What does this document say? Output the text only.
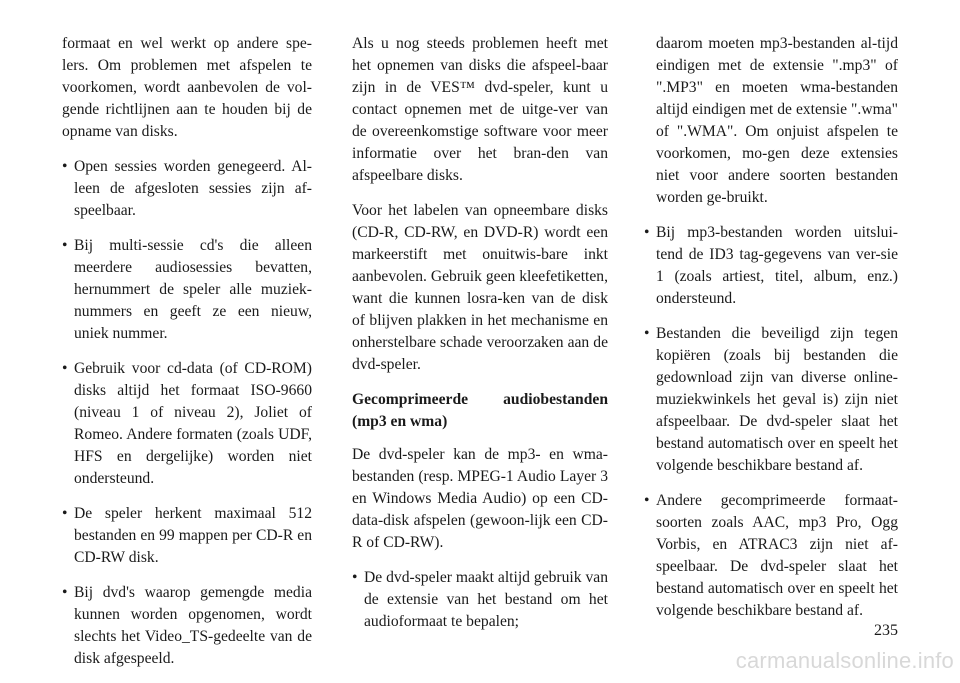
formaat en wel werkt op andere spe-lers. Om problemen met afspelen te voorkomen, wordt aanbevolen de vol-gende richtlijnen aan te houden bij de opname van disks.

• Open sessies worden genegeerd. Al-leen de afgesloten sessies zijn af-speelbaar.
• Bij multi-sessie cd's die alleen meerdere audiosessies bevatten, hernummert de speler alle muziek-nummers en geeft ze een nieuw, uniek nummer.
• Gebruik voor cd-data (of CD-ROM) disks altijd het formaat ISO-9660 (niveau 1 of niveau 2), Joliet of Romeo. Andere formaten (zoals UDF, HFS en dergelijke) worden niet ondersteund.
• De speler herkent maximaal 512 bestanden en 99 mappen per CD-R en CD-RW disk.
• Bij dvd's waarop gemengde media kunnen worden opgenomen, wordt slechts het Video_TS-gedeelte van de disk afgespeeld.

Als u nog steeds problemen heeft met het opnemen van disks die afspeel-baar zijn in de VES™ dvd-speler, kunt u contact opnemen met de uitge-ver van de overeenkomstige software voor meer informatie over het bran-den van afspeelbare disks.

Voor het labelen van opneembare disks (CD-R, CD-RW, en DVD-R) wordt een markeerstift met onuitwis-bare inkt aanbevolen. Gebruik geen kleefetiketten, want die kunnen losra-ken van de disk of blijven plakken in het mechanisme en onherstelbare schade veroorzaken aan de dvd-speler.

Gecomprimeerde audiobestanden (mp3 en wma)

De dvd-speler kan de mp3- en wma-bestanden (resp. MPEG-1 Audio Layer 3 en Windows Media Audio) op een CD-data-disk afspelen (gewoon-lijk een CD-R of CD-RW).

• De dvd-speler maakt altijd gebruik van de extensie van het bestand om het audioformaat te bepalen;
daarom moeten mp3-bestanden al-tijd eindigen met de extensie ".mp3" of ".MP3" en moeten wma-bestanden altijd eindigen met de extensie ".wma" of ".WMA". Om onjuist afspelen te voorkomen, mo-gen deze extensies niet voor andere soorten bestanden worden ge-bruikt.
• Bij mp3-bestanden worden uitslui-tend de ID3 tag-gegevens van ver-sie 1 (zoals artiest, titel, album, enz.) ondersteund.
• Bestanden die beveiligd zijn tegen kopiëren (zoals bij bestanden die gedownload zijn van diverse online-muziekwinkels het geval is) zijn niet afspeelbaar. De dvd-speler slaat het bestand automatisch over en speelt het volgende beschikbare bestand af.
• Andere gecomprimeerde formaat-soorten zoals AAC, mp3 Pro, Ogg Vorbis, en ATRAC3 zijn niet af-speelbaar. De dvd-speler slaat het bestand automatisch over en speelt het volgende beschikbare bestand af.
235
carmanualsonline.info
